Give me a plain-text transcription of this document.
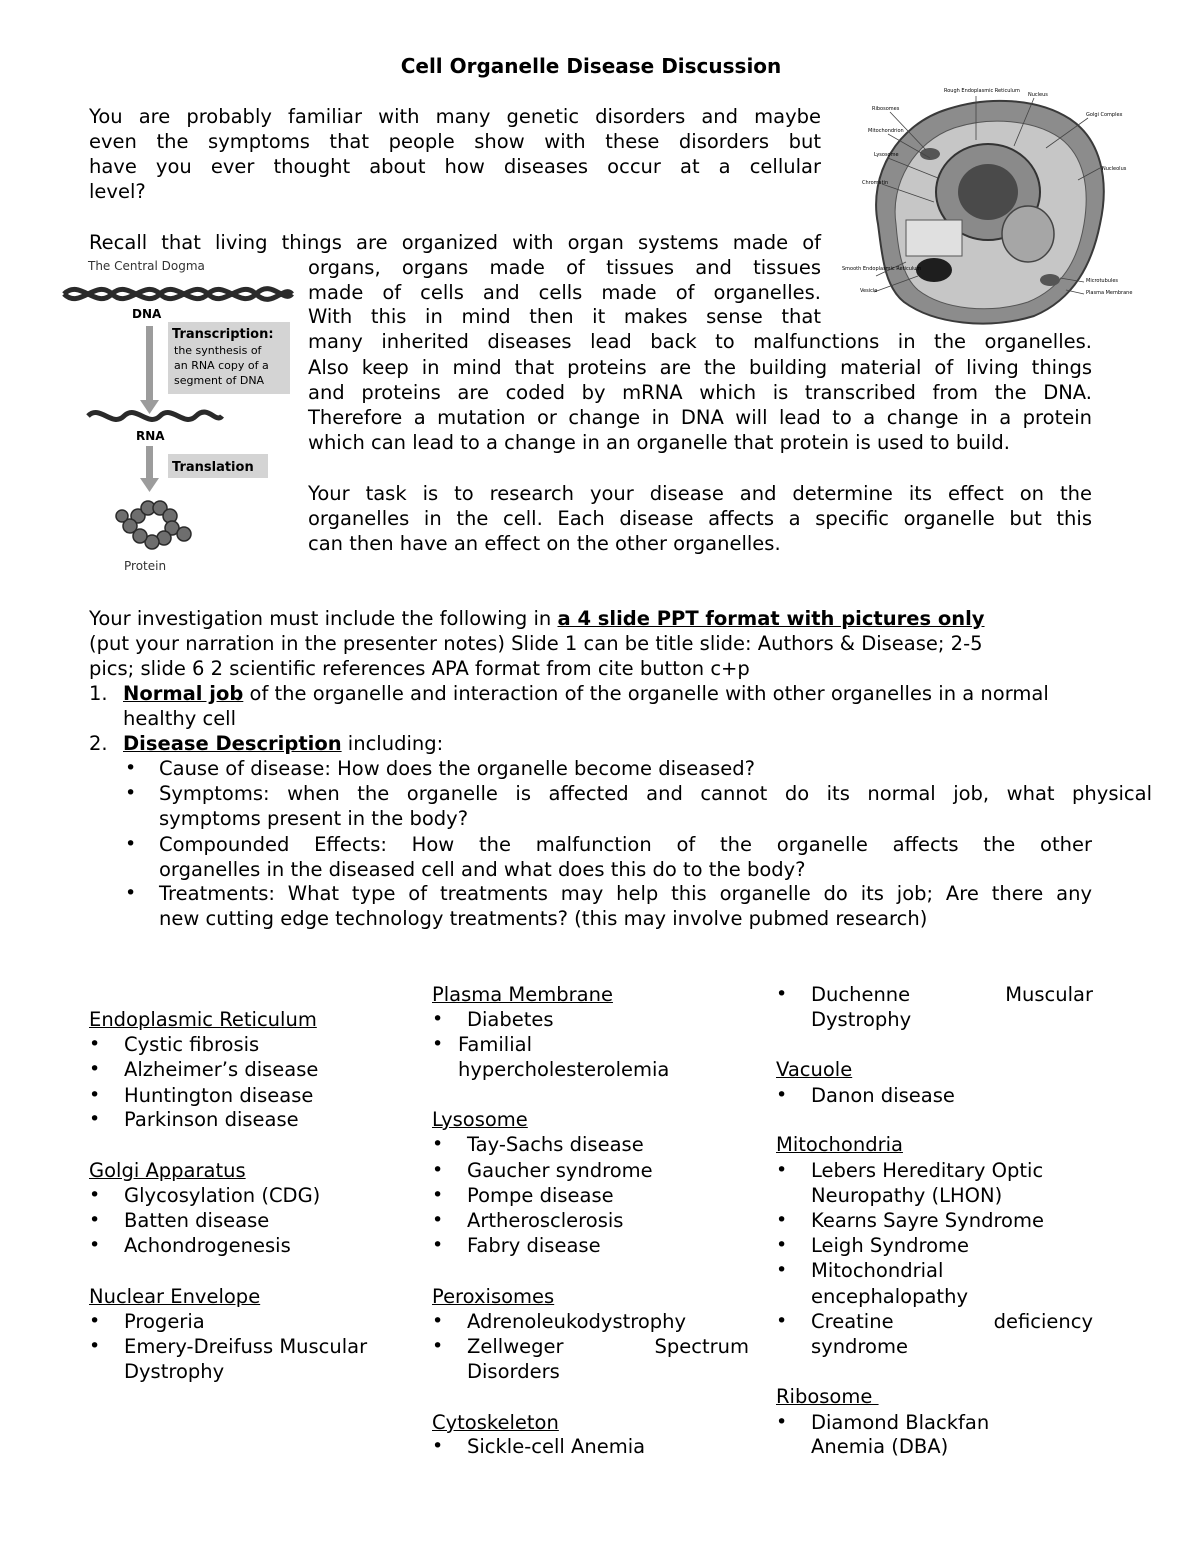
Cell Organelle Disease Discussion
You are probably familiar with many genetic disorders and maybe
even the symptoms that people show with these disorders but
have you ever thought about how diseases occur at a cellular
level?
Recall that living things are organized with organ systems made of
organs, organs made of tissues and tissues
made of cells and cells made of organelles.
With this in mind then it makes sense that
many inherited diseases lead back to malfunctions in the organelles.
Also keep in mind that proteins are the building material of living things
and proteins are coded by mRNA which is transcribed from the DNA.
Therefore a mutation or change in DNA will lead to a change in a protein
which can lead to a change in an organelle that protein is used to build.
Your task is to research your disease and determine its effect on the
organelles in the cell. Each disease affects a specific organelle but this
can then have an effect on the other organelles.
Your investigation must include the following in a 4 slide PPT format with pictures only
(put your narration in the presenter notes) Slide 1 can be title slide: Authors & Disease; 2-5
pics; slide 6 2 scientific references APA format from cite button c+p
1. Normal job of the organelle and interaction of the organelle with other organelles in a normal
healthy cell
2. Disease Description including:
• Cause of disease: How does the organelle become diseased?
• Symptoms: when the organelle is affected and cannot do its normal job, what physical
symptoms present in the body?
• Compounded Effects: How the malfunction of the organelle affects the other
organelles in the diseased cell and what does this do to the body?
• Treatments: What type of treatments may help this organelle do its job; Are there any
new cutting edge technology treatments? (this may involve pubmed research)
Endoplasmic Reticulum
• Cystic fibrosis
• Alzheimer’s disease
• Huntington disease
• Parkinson disease
Golgi Apparatus
• Glycosylation (CDG)
• Batten disease
• Achondrogenesis
Nuclear Envelope
• Progeria
• Emery-Dreifuss Muscular
Dystrophy
Plasma Membrane
• Diabetes
• Familial
hypercholesterolemia
Lysosome
• Tay-Sachs disease
• Gaucher syndrome
• Pompe disease
• Artherosclerosis
• Fabry disease
Peroxisomes
• Adrenoleukodystrophy
• Zellweger Spectrum
Disorders
Cytoskeleton
• Sickle-cell Anemia
• Duchenne Muscular
Dystrophy
Vacuole
• Danon disease
Mitochondria
• Lebers Hereditary Optic
Neuropathy (LHON)
• Kearns Sayre Syndrome
• Leigh Syndrome
• Mitochondrial
encephalopathy
• Creatine deficiency
syndrome
Ribosome
• Diamond Blackfan
Anemia (DBA)
The Central Dogma
DNA
Transcription:
the synthesis of
an RNA copy of a
segment of DNA
RNA
Translation
Protein
Rough Endoplasmic Reticulum
Nucleus
Golgi Complex
Ribosomes
Mitochondrion
Lysosome
Nucleolus
Chromatin
Smooth Endoplasmic Reticulum
Vesicle
Microtubules
Plasma Membrane
